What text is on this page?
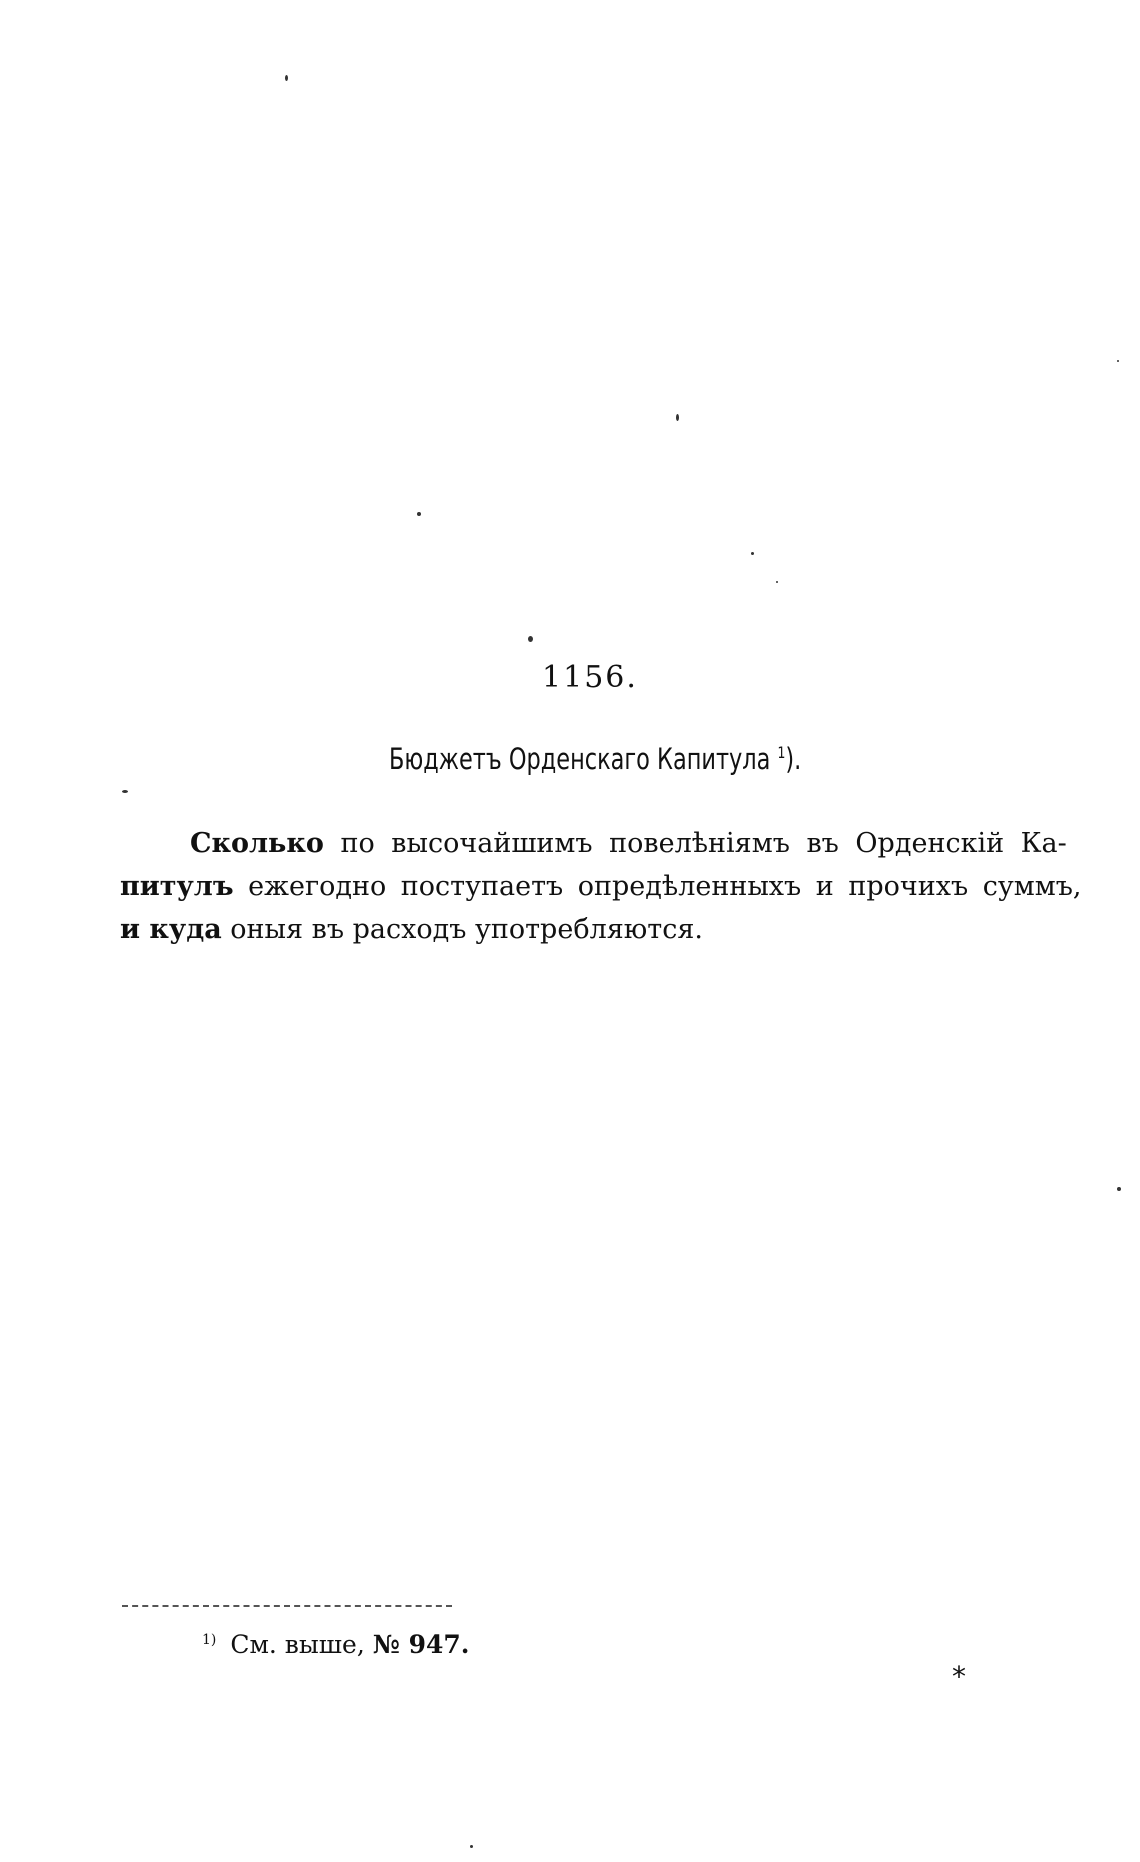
1156.
Бюджетъ Орденскаго Капитула $^1$).
Сколько по высочайшимъ повелѣніямъ въ Орденскій Ка-
питулъ ежегодно поступаетъ опредѣленныхъ и прочихъ суммъ,
и куда оныя въ расходъ употребляются.
$^{1)}$ См. выше, № 947.
*
